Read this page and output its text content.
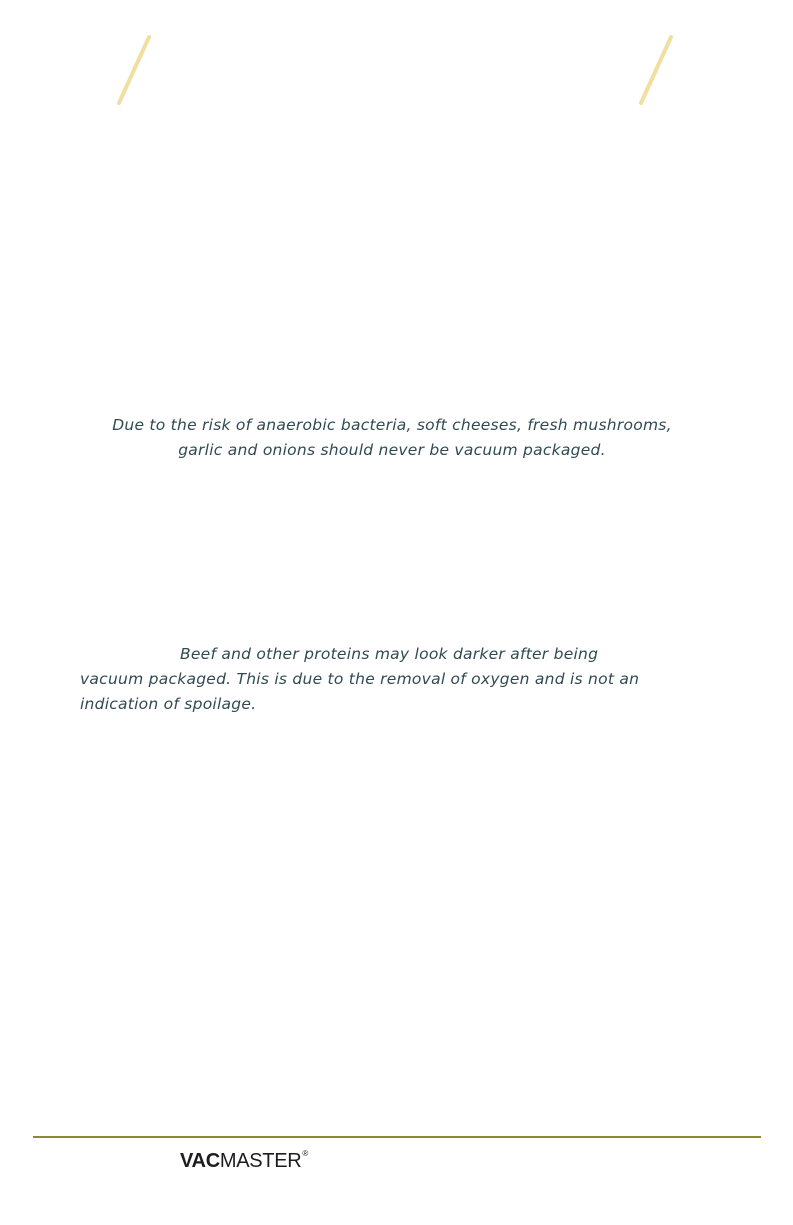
Due to the risk of anaerobic bacteria, soft cheeses, fresh mushrooms, garlic and onions should never be vacuum packaged.

Beef and other proteins may look darker after being vacuum packaged. This is due to the removal of oxygen and is not an indication of spoilage.

VAC MASTER ®
